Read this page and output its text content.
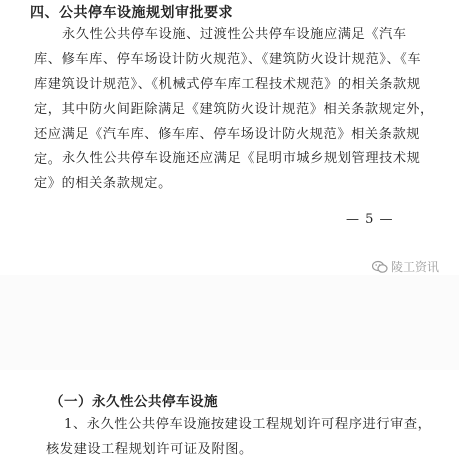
四、公共停车设施规划审批要求

永久性公共停车设施、过渡性公共停车设施应满足《汽车库、修车库、停车场设计防火规范》、《建筑防火设计规范》、《车库建筑设计规范》、《机械式停车库工程技术规范》的相关条款规定，其中防火间距除满足《建筑防火设计规范》相关条款规定外，还应满足《汽车库、修车库、停车场设计防火规范》相关条款规定。 永久性公共停车设施还应满足《昆明市城乡规划管理技术规定》的相关条款规定。

— 5 —
陵工资讯
（一）永久性公共停车设施

1、永久性公共停车设施按建设工程规划许可程序进行审查，核发建设工程规划许可证及附图。
